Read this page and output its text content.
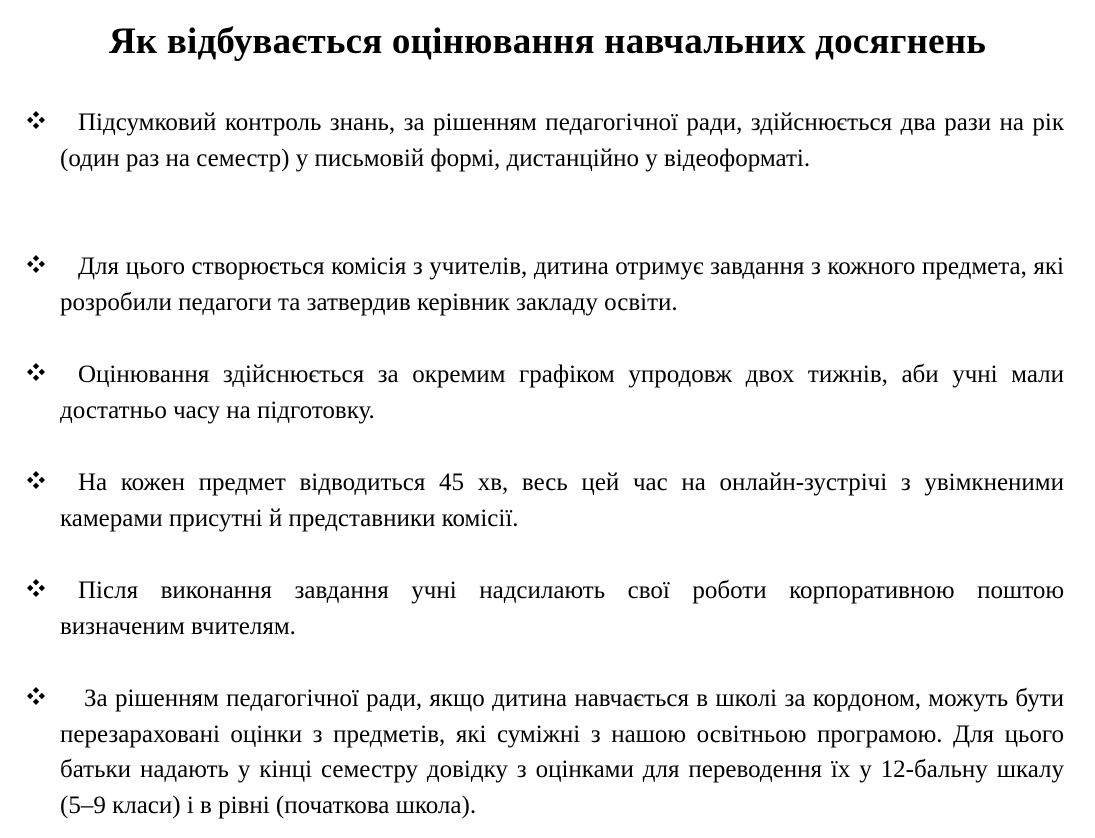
Як відбувається оцінювання навчальних досягнень
Підсумковий контроль знань, за рішенням педагогічної ради, здійснюється два рази на рік (один раз на семестр) у письмовій формі, дистанційно у відеоформаті.
Для цього створюється комісія з учителів, дитина отримує завдання з кожного предмета, які розробили педагоги та затвердив керівник закладу освіти.
Оцінювання здійснюється за окремим графіком упродовж двох тижнів, аби учні мали достатньо часу на підготовку.
На кожен предмет відводиться 45 хв, весь цей час на онлайн-зустрічі з увімкненими камерами присутні й представники комісії.
Після виконання завдання учні надсилають свої роботи корпоративною поштою визначеним вчителям.
За рішенням педагогічної ради, якщо дитина навчається в школі за кордоном, можуть бути перезараховані оцінки з предметів, які суміжні з нашою освітньою програмою. Для цього батьки надають у кінці семестру довідку з оцінками для переводення їх у 12-бальну шкалу (5–9 класи) і в рівні (початкова школа).
